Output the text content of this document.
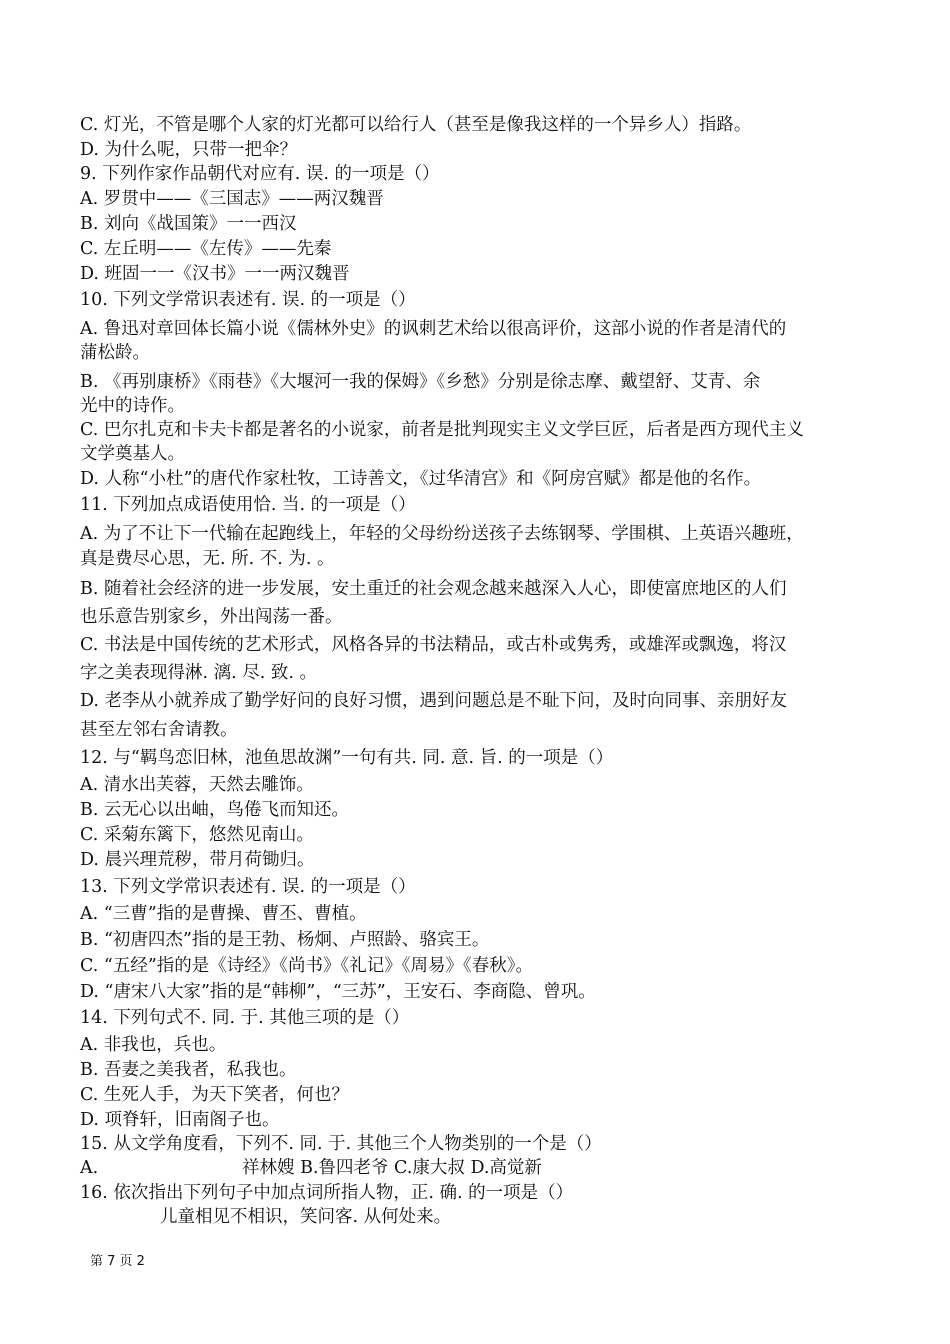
C. 灯光，不管是哪个人家的灯光都可以给行人（甚至是像我这样的一个异乡人）指路。
D. 为什么呢，只带一把伞？
9. 下列作家作品朝代对应有. 误. 的一项是（）
A. 罗贯中——《三国志》——两汉魏晋
B. 刘向《战国策》一一西汉
C. 左丘明——《左传》——先秦
D. 班固一一《汉书》一一两汉魏晋
10. 下列文学常识表述有. 误. 的一项是（）
A. 鲁迅对章回体长篇小说《儒林外史》的讽刺艺术给以很高评价，这部小说的作者是清代的
蒲松龄。
B. 《再别康桥》《雨巷》《大堰河一我的保姆》《乡愁》分别是徐志摩、戴望舒、艾青、余
光中的诗作。
C. 巴尔扎克和卡夫卡都是著名的小说家，前者是批判现实主义文学巨匠，后者是西方现代主义
文学奠基人。
D. 人称“小杜”的唐代作家杜牧，工诗善文，《过华清宫》和《阿房宫赋》都是他的名作。
11. 下列加点成语使用恰. 当. 的一项是（）
A. 为了不让下一代输在起跑线上，年轻的父母纷纷送孩子去练钢琴、学围棋、上英语兴趣班，
真是费尽心思，无. 所. 不. 为. 。
B. 随着社会经济的进一步发展，安土重迁的社会观念越来越深入人心，即使富庶地区的人们
也乐意告别家乡，外出闯荡一番。
C. 书法是中国传统的艺术形式，风格各异的书法精品，或古朴或隽秀，或雄浑或飘逸，将汉
字之美表现得淋. 漓. 尽. 致. 。
D. 老李从小就养成了勤学好问的良好习惯，遇到问题总是不耻下问，及时向同事、亲朋好友
甚至左邻右舍请教。
12. 与“羁鸟恋旧林，池鱼思故渊”一句有共. 同. 意. 旨. 的一项是（）
A. 清水出芙蓉，天然去雕饰。
B. 云无心以出岫，鸟倦飞而知还。
C. 采菊东篱下，悠然见南山。
D. 晨兴理荒秽，带月荷锄归。
13. 下列文学常识表述有. 误. 的一项是（）
A. “三曹”指的是曹操、曹丕、曹植。
B. “初唐四杰”指的是王勃、杨炯、卢照龄、骆宾王。
C. “五经”指的是《诗经》《尚书》《礼记》《周易》《春秋》。
D. “唐宋八大家”指的是“韩柳”，“三苏”，王安石、李商隐、曾巩。
14. 下列句式不. 同. 于. 其他三项的是（）
A. 非我也，兵也。
B. 吾妻之美我者，私我也。
C. 生死人手，为天下笑者，何也？
D. 项脊轩，旧南阁子也。
15. 从文学角度看，下列不. 同. 于. 其他三个人物类别的一个是（）
A.	祥林嫂 B.鲁四老爷 C.康大叔 D.高觉新
16. 依次指出下列句子中加点词所指人物，正. 确. 的一项是（）
儿童相见不相识，笑问客. 从何处来。
第 7 页 2
